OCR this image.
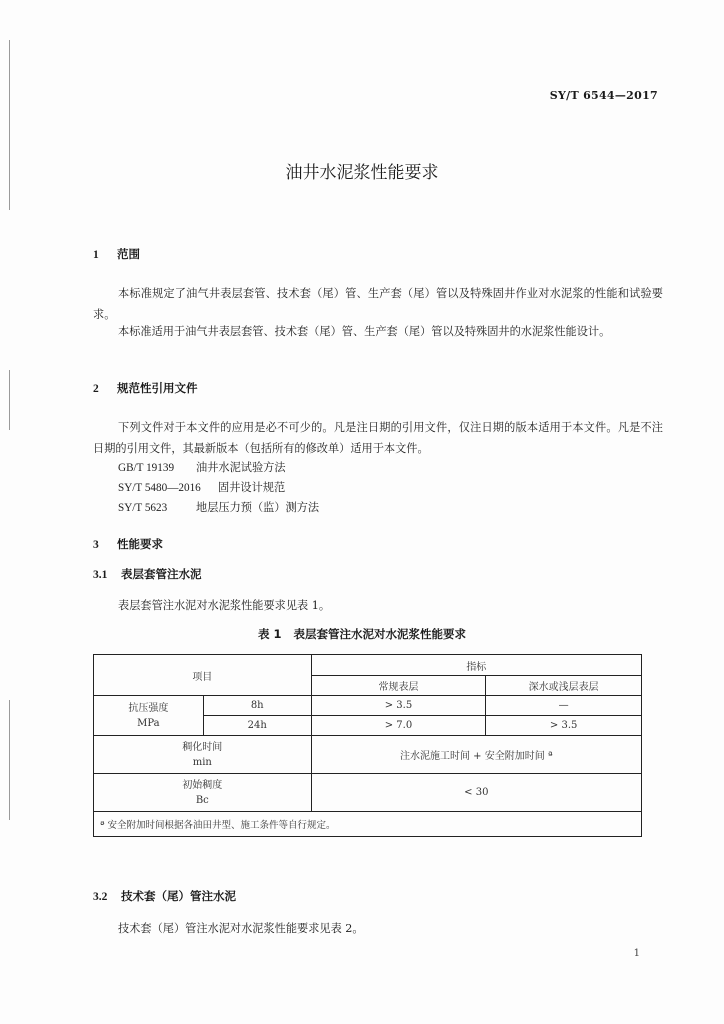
SY/T 6544—2017
油井水泥浆性能要求
1 范围
本标准规定了油气井表层套管、技术套（尾）管、生产套（尾）管以及特殊固井作业对水泥浆的性能和试验要求。
本标准适用于油气井表层套管、技术套（尾）管、生产套（尾）管以及特殊固井的水泥浆性能设计。
2 规范性引用文件
下列文件对于本文件的应用是必不可少的。凡是注日期的引用文件，仅注日期的版本适用于本文件。凡是不注日期的引用文件，其最新版本（包括所有的修改单）适用于本文件。
GB/T 19139 油井水泥试验方法
SY/T 5480—2016 固井设计规范
SY/T 5623	地层压力预（监）测方法
3 性能要求
3.1 表层套管注水泥
表层套管注水泥对水泥浆性能要求见表 1。
表 1 表层套管注水泥对水泥浆性能要求
项目		指标	
		常规表层	深水或浅层表层

抗压强度
MPa	8h	> 3.5	—
	24h	> 7.0	> 3.5

稠化时间
min		注水泥施工时间 + 安全附加时间 ª	

初始稠度
Bc		< 30	
ª 安全附加时间根据各油田井型、施工条件等自行规定。			
3.2 技术套（尾）管注水泥
技术套（尾）管注水泥对水泥浆性能要求见表 2。
1
